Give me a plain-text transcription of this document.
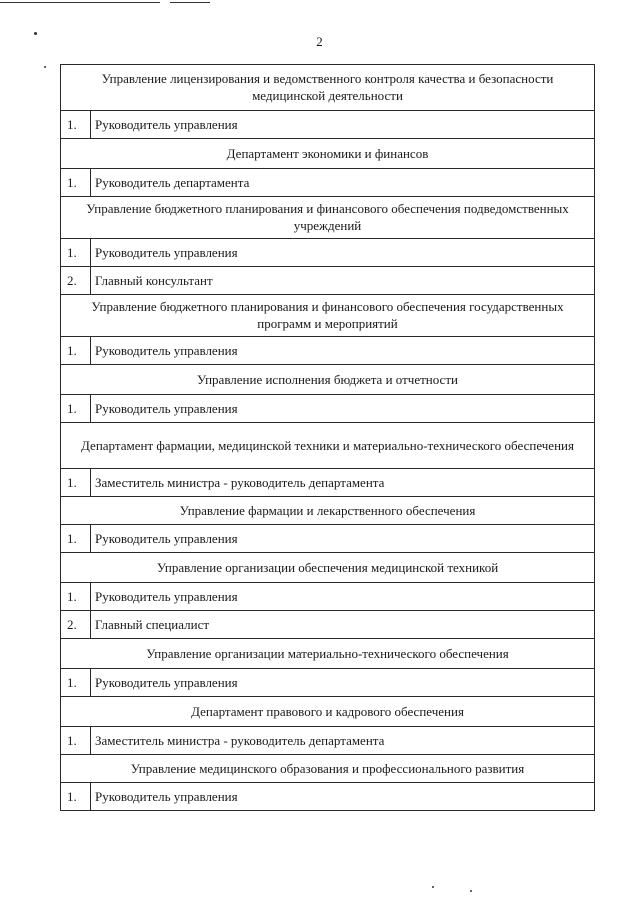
2
Управление лицензирования и ведомственного контроля качества и безопасности медицинской деятельности
1.	Руководитель управления
Департамент экономики и финансов
1.	Руководитель департамента
Управление бюджетного планирования и финансового обеспечения подведомственных учреждений
1.	Руководитель управления
2.	Главный консультант
Управление бюджетного планирования и финансового обеспечения государственных программ и мероприятий
1.	Руководитель управления
Управление исполнения бюджета и отчетности
1.	Руководитель управления
Департамент фармации, медицинской техники и материально-технического обеспечения
1.	Заместитель министра - руководитель департамента
Управление фармации и лекарственного обеспечения
1.	Руководитель управления
Управление организации обеспечения медицинской техникой
1.	Руководитель управления
2.	Главный специалист
Управление организации материально-технического обеспечения
1.	Руководитель управления
Департамент правового и кадрового обеспечения
1.	Заместитель министра - руководитель департамента
Управление медицинского образования и профессионального развития
1.	Руководитель управления
